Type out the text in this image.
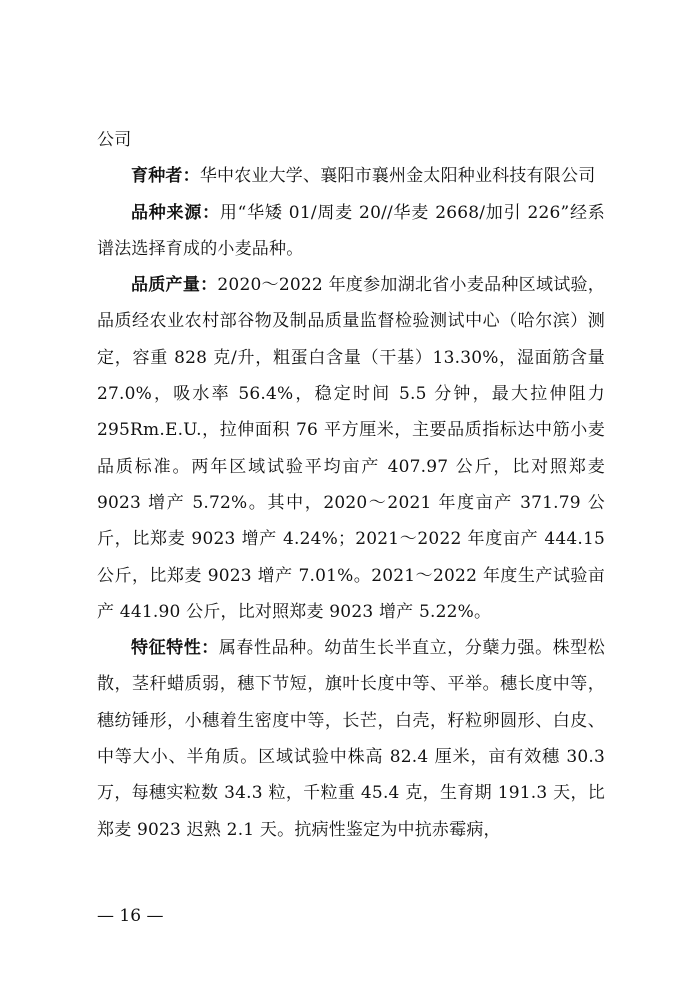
公司

育种者：华中农业大学、襄阳市襄州金太阳种业科技有限公司

品种来源：用“华矮 01/周麦 20//华麦 2668/加引 226”经系谱法选择育成的小麦品种。

品质产量：2020～2022 年度参加湖北省小麦品种区域试验，品质经农业农村部谷物及制品质量监督检验测试中心（哈尔滨）测定，容重 828 克/升，粗蛋白含量（干基）13.30%，湿面筋含量 27.0%，吸水率 56.4%，稳定时间 5.5 分钟，最大拉伸阻力 295Rm.E.U.，拉伸面积 76 平方厘米，主要品质指标达中筋小麦品质标准。两年区域试验平均亩产 407.97 公斤，比对照郑麦 9023 增产 5.72%。其中，2020～2021 年度亩产 371.79 公斤，比郑麦 9023 增产 4.24%；2021～2022 年度亩产 444.15 公斤，比郑麦 9023 增产 7.01%。2021～2022 年度生产试验亩产 441.90 公斤，比对照郑麦 9023 增产 5.22%。

特征特性：属春性品种。幼苗生长半直立，分蘖力强。株型松散，茎秆蜡质弱，穗下节短，旗叶长度中等、平举。穗长度中等，穗纺锤形，小穗着生密度中等，长芒，白壳，籽粒卵圆形、白皮、中等大小、半角质。区域试验中株高 82.4 厘米，亩有效穗 30.3 万，每穗实粒数 34.3 粒，千粒重 45.4 克，生育期 191.3 天，比郑麦 9023 迟熟 2.1 天。抗病性鉴定为中抗赤霉病，

— 16 —
